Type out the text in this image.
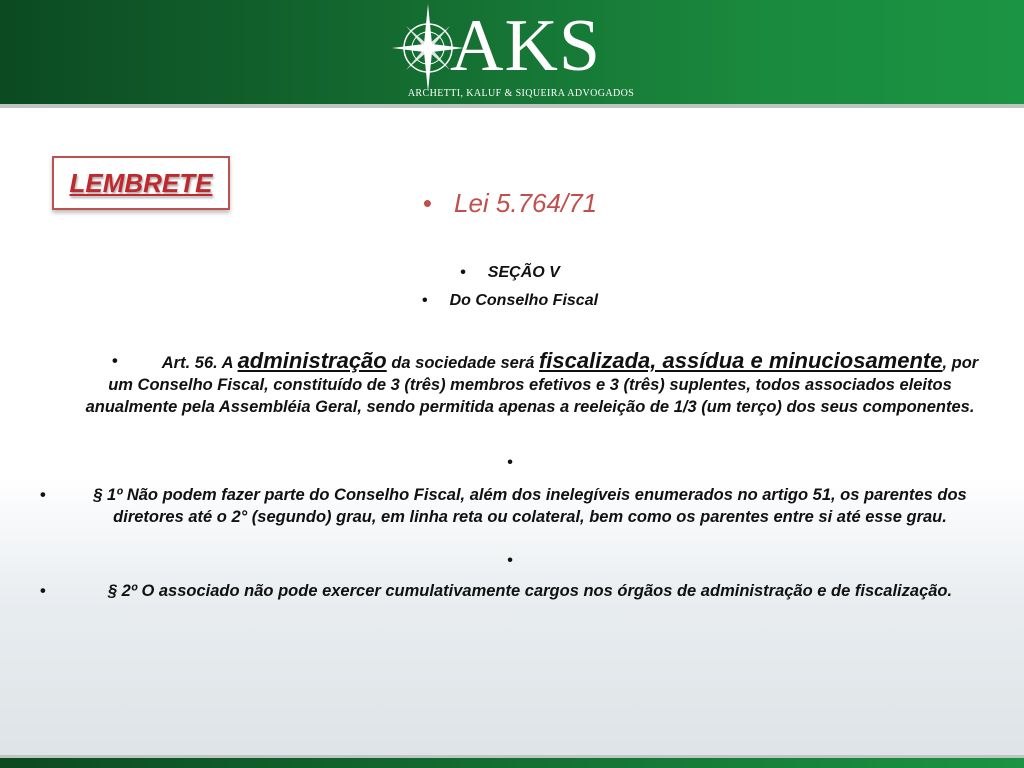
AKS
ARCHETTI, KALUF & SIQUEIRA ADVOGADOS
LEMBRETE
• Lei 5.764/71
• SEÇÃO V
• Do Conselho Fiscal
•	Art. 56. A administração da sociedade será fiscalizada, assídua e minuciosamente, por um Conselho Fiscal, constituído de 3 (três) membros efetivos e 3 (três) suplentes, todos associados eleitos anualmente pela Assembléia Geral, sendo permitida apenas a reeleição de 1/3 (um terço) dos seus componentes.
•
•	§ 1º Não podem fazer parte do Conselho Fiscal, além dos inelegíveis enumerados no artigo 51, os parentes dos diretores até o 2° (segundo) grau, em linha reta ou colateral, bem como os parentes entre si até esse grau.
•
•	§ 2º O associado não pode exercer cumulativamente cargos nos órgãos de administração e de fiscalização.
